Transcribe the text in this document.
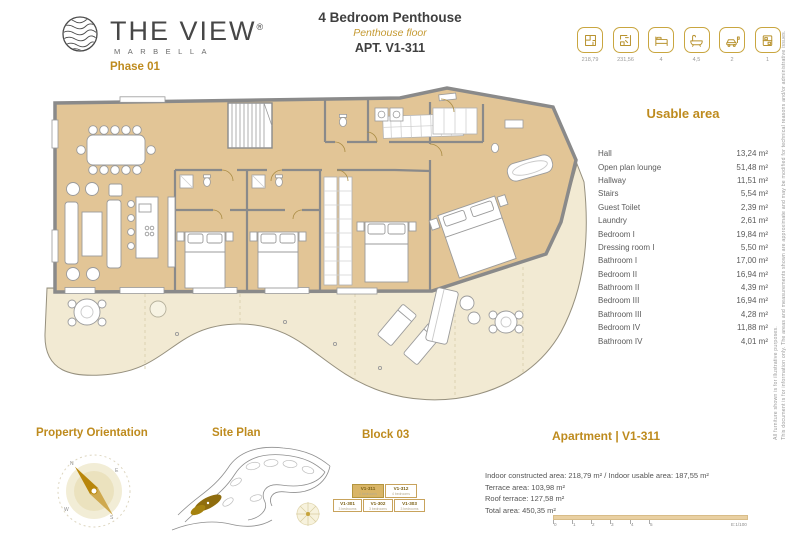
THE VIEW®
MARBELLA
Phase 01
4 Bedroom Penthouse
Penthouse floor
APT. V1-311
218,79	231,56	4	4,5	2	1
Usable area
Hall	13,24 m²
Open plan lounge	51,48 m²
Hallway	11,51 m²
Stairs	5,54 m²
Guest Toilet	2,39 m²
Laundry	2,61 m²
Bedroom I	19,84 m²
Dressing room I	5,50 m²
Bathroom I	17,00 m²
Bedroom II	16,94 m²
Bathroom II	4,39 m²
Bedroom III	16,94 m²
Bathroom III	4,28 m²
Bedroom IV	11,88 m²
Bathroom IV	4,01 m²	This document is for information only. The areas and measurements shown are approximate and may be modified for technical reasons and/or administrative issues.
All furniture shown is for illustrative purposes.
Property Orientation	Site Plan	Block 03	Apartment | V1-311
N
E
S
W
V1-311
4 bedrooms
V1-312
4 bedrooms
V1-301
3 bedrooms
V1-302
3 bedrooms
V1-303
3 bedrooms
Indoor constructed area: 218,79 m² / Indoor usable area: 187,55 m²
Terrace area: 103,98 m²
Roof terrace: 127,58 m²
Total area: 450,35 m²
0	1	2	3	4	5	E:1/100
